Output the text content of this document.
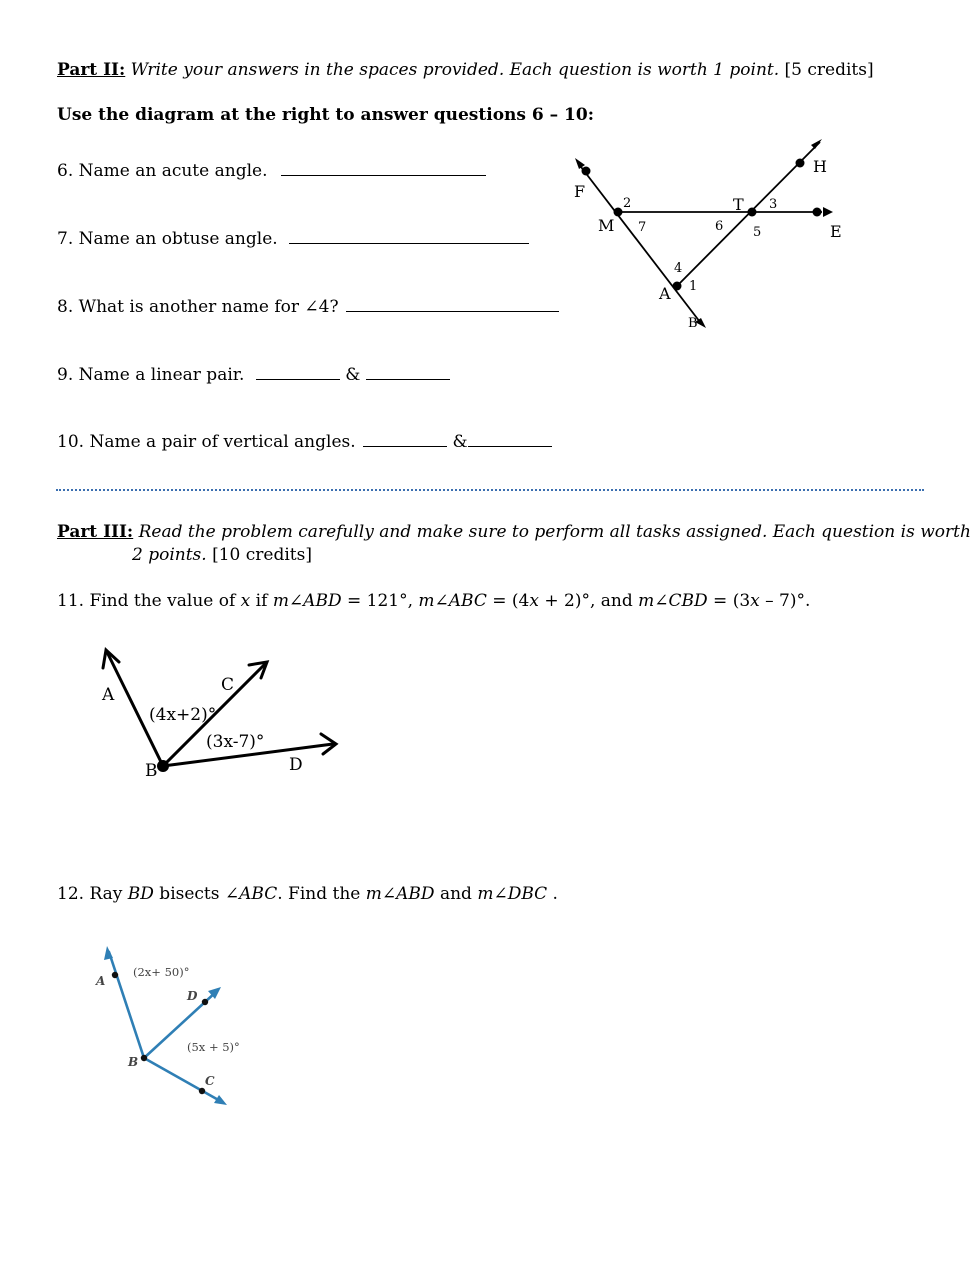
Part II: Write your answers in the spaces provided. Each question is worth 1 point. [5 credits]
Use the diagram at the right to answer questions 6 – 10:
6. Name an acute angle.
7. Name an obtuse angle.
8. What is another name for ∠4?
9. Name a linear pair.	&
10. Name a pair of vertical angles.	&
F
M
T
H
E
A
B
1
2	3
4
5
6
7
Part III: Read the problem carefully and make sure to perform all tasks assigned. Each question is worth
2 points. [10 credits]
11. Find the value of x if m∠ABD = 121°, m∠ABC = (4x + 2)°, and m∠CBD = (3x – 7)°.
A	C
B	D
(4x+2)°
(3x-7)°
12. Ray BD bisects ∠ABC. Find the m∠ABD and m∠DBC .
A
D
B
C
(2x+ 50)°
(5x + 5)°
